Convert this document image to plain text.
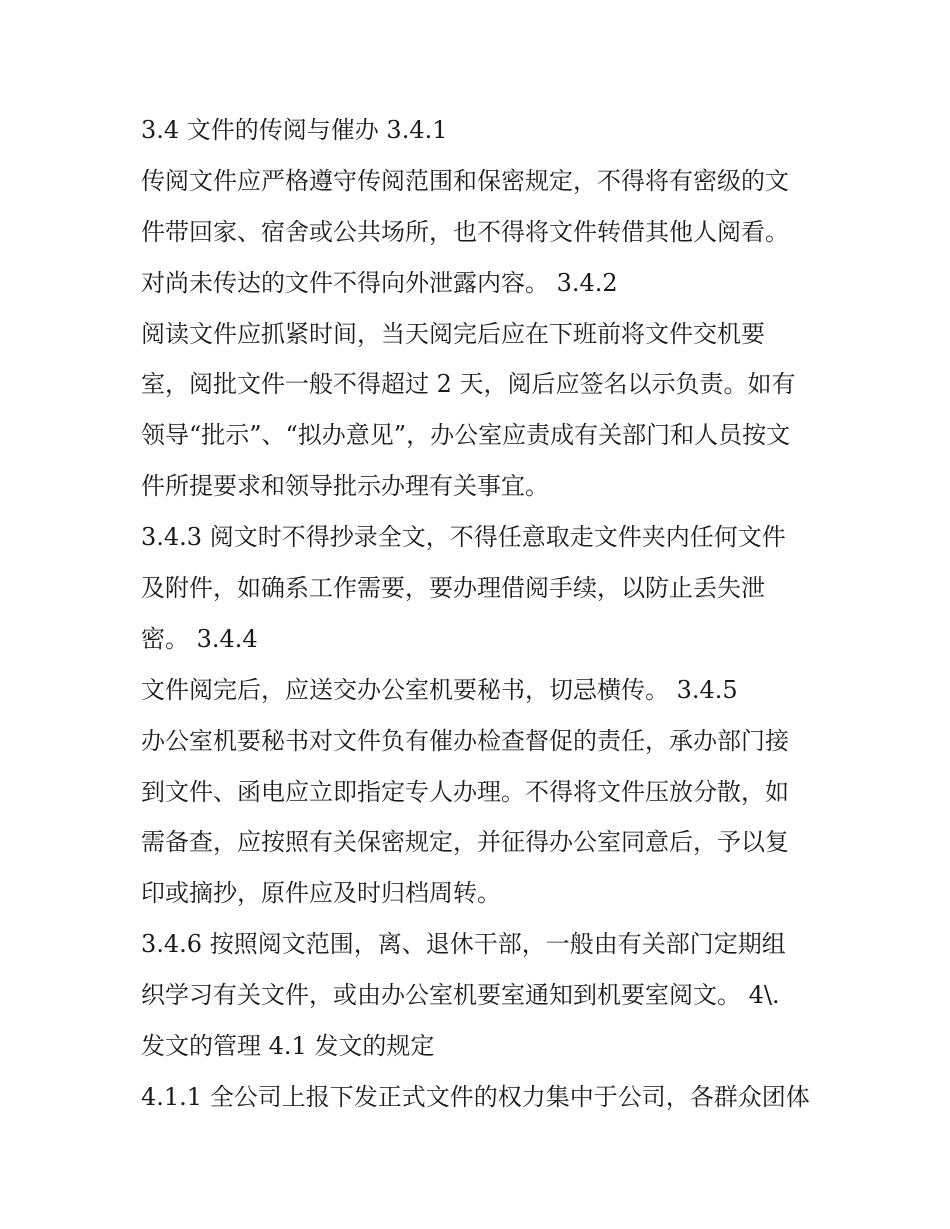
3.4 文件的传阅与催办 3.4.1
传阅文件应严格遵守传阅范围和保密规定，不得将有密级的文
件带回家、宿舍或公共场所，也不得将文件转借其他人阅看。
对尚未传达的文件不得向外泄露内容。 3.4.2
阅读文件应抓紧时间，当天阅完后应在下班前将文件交机要
室，阅批文件一般不得超过 2 天，阅后应签名以示负责。如有
领导“批示”、“拟办意见”，办公室应责成有关部门和人员按文
件所提要求和领导批示办理有关事宜。
3.4.3 阅文时不得抄录全文，不得任意取走文件夹内任何文件
及附件，如确系工作需要，要办理借阅手续，以防止丢失泄
密。 3.4.4
文件阅完后，应送交办公室机要秘书，切忌横传。 3.4.5
办公室机要秘书对文件负有催办检查督促的责任，承办部门接
到文件、函电应立即指定专人办理。不得将文件压放分散，如
需备查，应按照有关保密规定，并征得办公室同意后，予以复
印或摘抄，原件应及时归档周转。
3.4.6 按照阅文范围，离、退休干部，一般由有关部门定期组
织学习有关文件，或由办公室机要室通知到机要室阅文。 4\.
发文的管理 4.1 发文的规定
4.1.1 全公司上报下发正式文件的权力集中于公司，各群众团体
